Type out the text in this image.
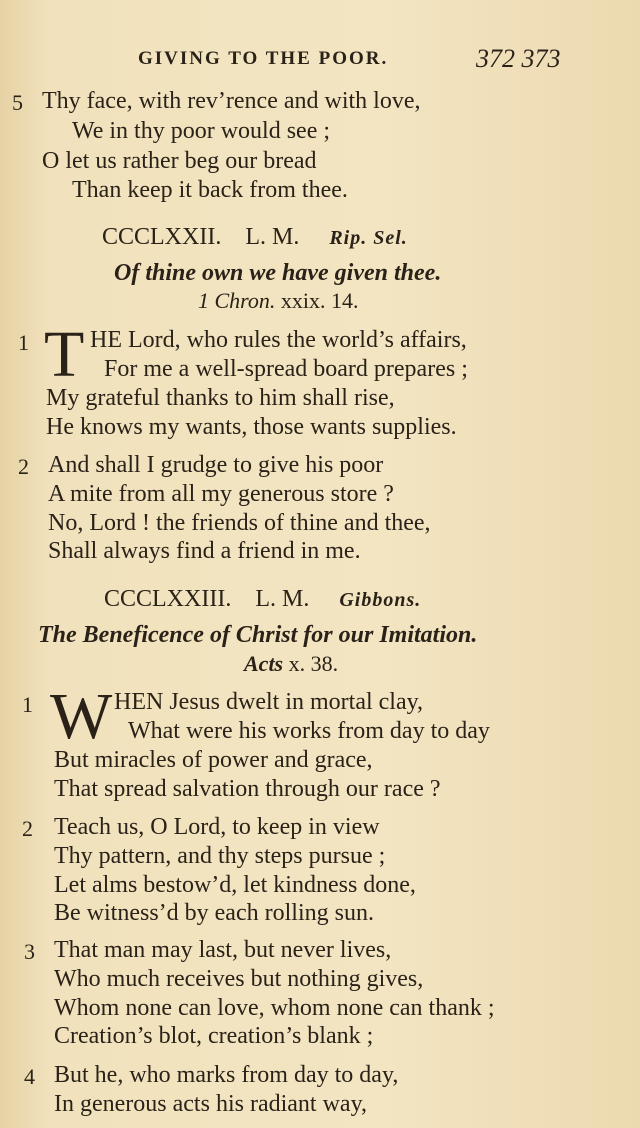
GIVING TO THE POOR.	372 373
5 Thy face, with rev’rence and with love,
We in thy poor would see ;
O let us rather beg our bread
Than keep it back from thee.
CCCLXXII. L. M. Rip. Sel.
Of thine own we have given thee.
1 Chron. xxix. 14.
1 T HE Lord, who rules the world’s affairs,
For me a well-spread board prepares ;
My grateful thanks to him shall rise,
He knows my wants, those wants supplies.
2 And shall I grudge to give his poor
A mite from all my generous store ?
No, Lord ! the friends of thine and thee,
Shall always find a friend in me.
CCCLXXIII. L. M. Gibbons.
The Beneficence of Christ for our Imitation.
Acts x. 38.
1 W HEN Jesus dwelt in mortal clay,
What were his works from day to day
But miracles of power and grace,
That spread salvation through our race ?
2 Teach us, O Lord, to keep in view
Thy pattern, and thy steps pursue ;
Let alms bestow’d, let kindness done,
Be witness’d by each rolling sun.
3 That man may last, but never lives,
Who much receives but nothing gives,
Whom none can love, whom none can thank ;
Creation’s blot, creation’s blank ;
4 But he, who marks from day to day,
In generous acts his radiant way,
